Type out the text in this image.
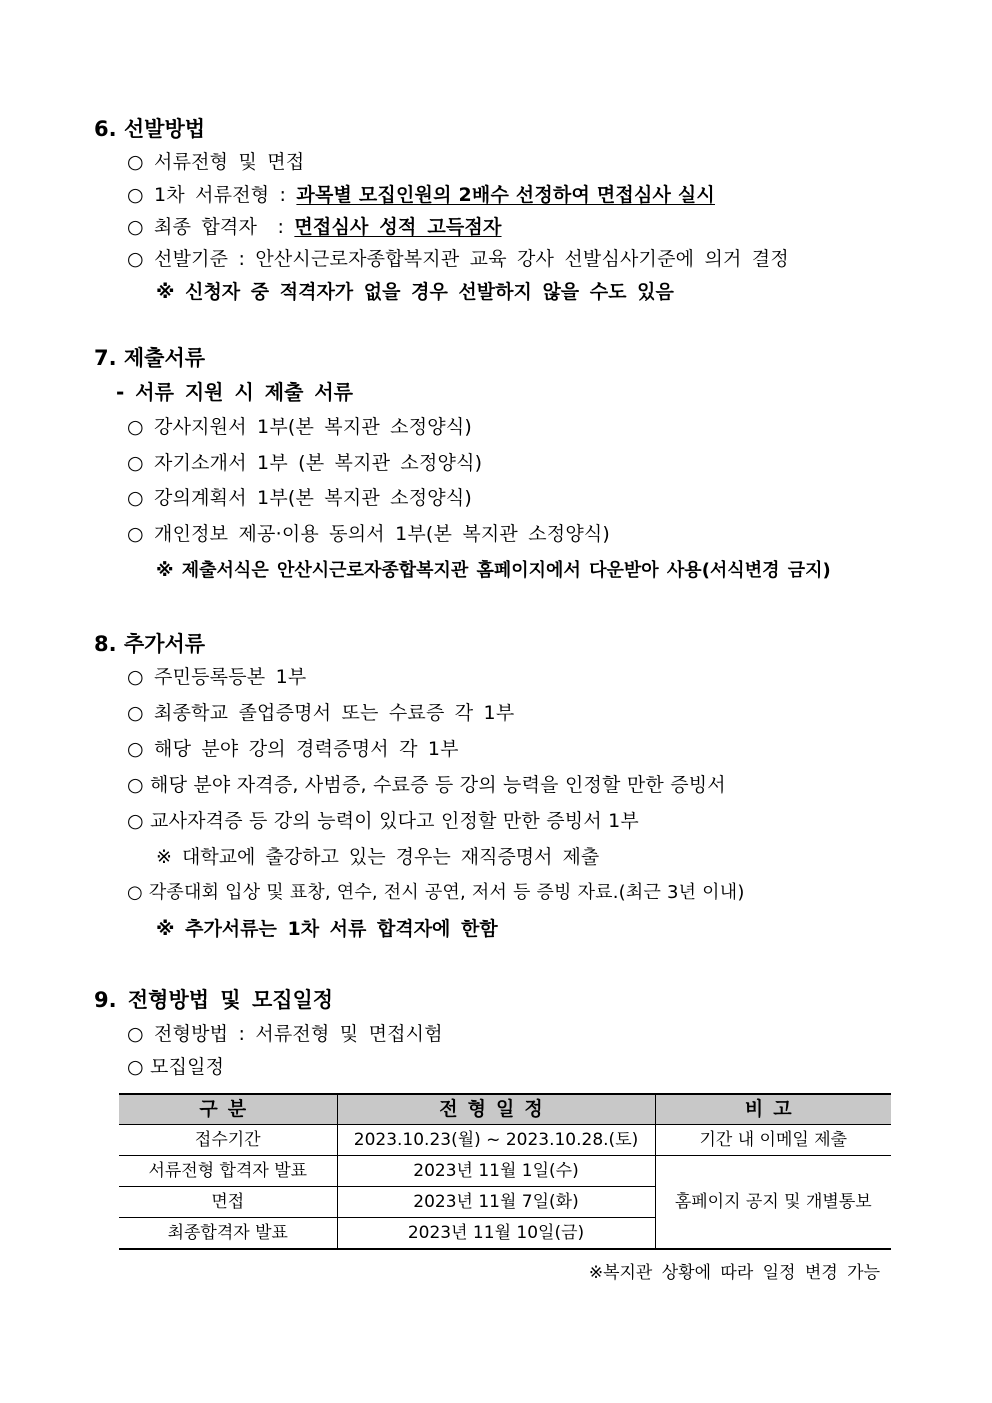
6. 선발방법
○ 서류전형 및 면접
○ 1차 서류전형 : 과목별 모집인원의 2배수 선정하여 면접심사 실시
○ 최종 합격자  : 면접심사 성적 고득점자
○ 선발기준 : 안산시근로자종합복지관 교육 강사 선발심사기준에 의거 결정
※ 신청자 중 적격자가 없을 경우 선발하지 않을 수도 있음
7. 제출서류
- 서류 지원 시 제출 서류
○ 강사지원서 1부(본 복지관 소정양식)
○ 자기소개서 1부 (본 복지관 소정양식)
○ 강의계획서 1부(본 복지관 소정양식)
○ 개인정보 제공·이용 동의서 1부(본 복지관 소정양식)
※ 제출서식은 안산시근로자종합복지관 홈페이지에서 다운받아 사용(서식변경 금지)
8. 추가서류
○ 주민등록등본 1부
○ 최종학교 졸업증명서 또는 수료증 각 1부
○ 해당 분야 강의 경력증명서 각 1부
○ 해당 분야 자격증, 사범증, 수료증 등 강의 능력을 인정할 만한 증빙서
○ 교사자격증 등 강의 능력이 있다고 인정할 만한 증빙서 1부
※ 대학교에 출강하고 있는 경우는 재직증명서 제출
○ 각종대회 입상 및 표창, 연수, 전시 공연, 저서 등 증빙 자료.(최근 3년 이내)
※ 추가서류는 1차 서류 합격자에 한함
9. 전형방법 및 모집일정
○ 전형방법 : 서류전형 및 면접시험
○ 모집일정
구분	전형일정	비고
접수기간	2023.10.23(월) ~ 2023.10.28.(토)	기간 내 이메일 제출
서류전형 합격자 발표	2023년 11월 1일(수)	홈페이지 공지 및 개별통보
면접	2023년 11월 7일(화)	
최종합격자 발표	2023년 11월 10일(금)	
※복지관 상황에 따라 일정 변경 가능
